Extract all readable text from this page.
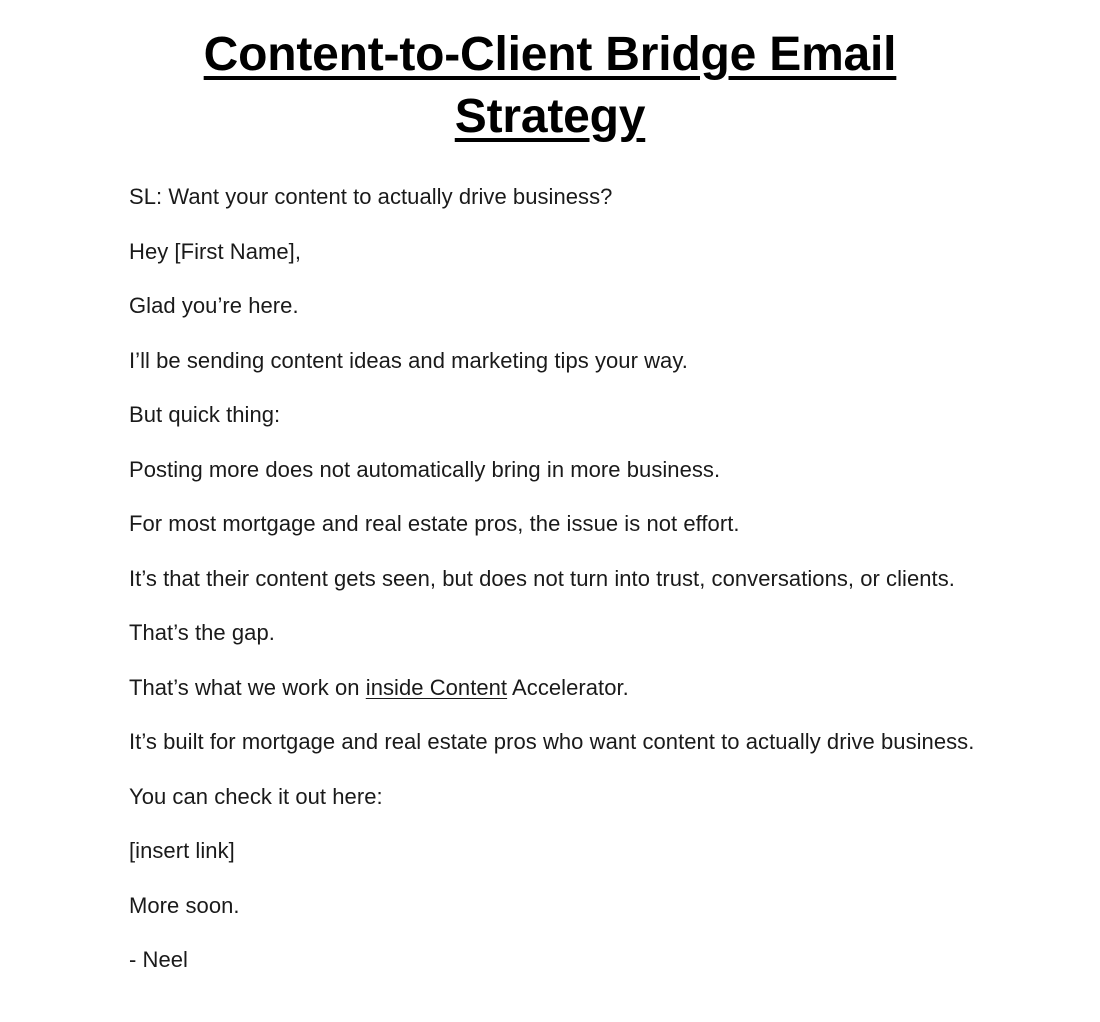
Content-to-Client Bridge Email Strategy

SL: Want your content to actually drive business?

Hey [First Name],

Glad you’re here.

I’ll be sending content ideas and marketing tips your way.

But quick thing:

Posting more does not automatically bring in more business.

For most mortgage and real estate pros, the issue is not effort.

It’s that their content gets seen, but does not turn into trust, conversations, or clients.

That’s the gap.

That’s what we work on inside Content Accelerator.

It’s built for mortgage and real estate pros who want content to actually drive business.

You can check it out here:

[insert link]

More soon.

- Neel
